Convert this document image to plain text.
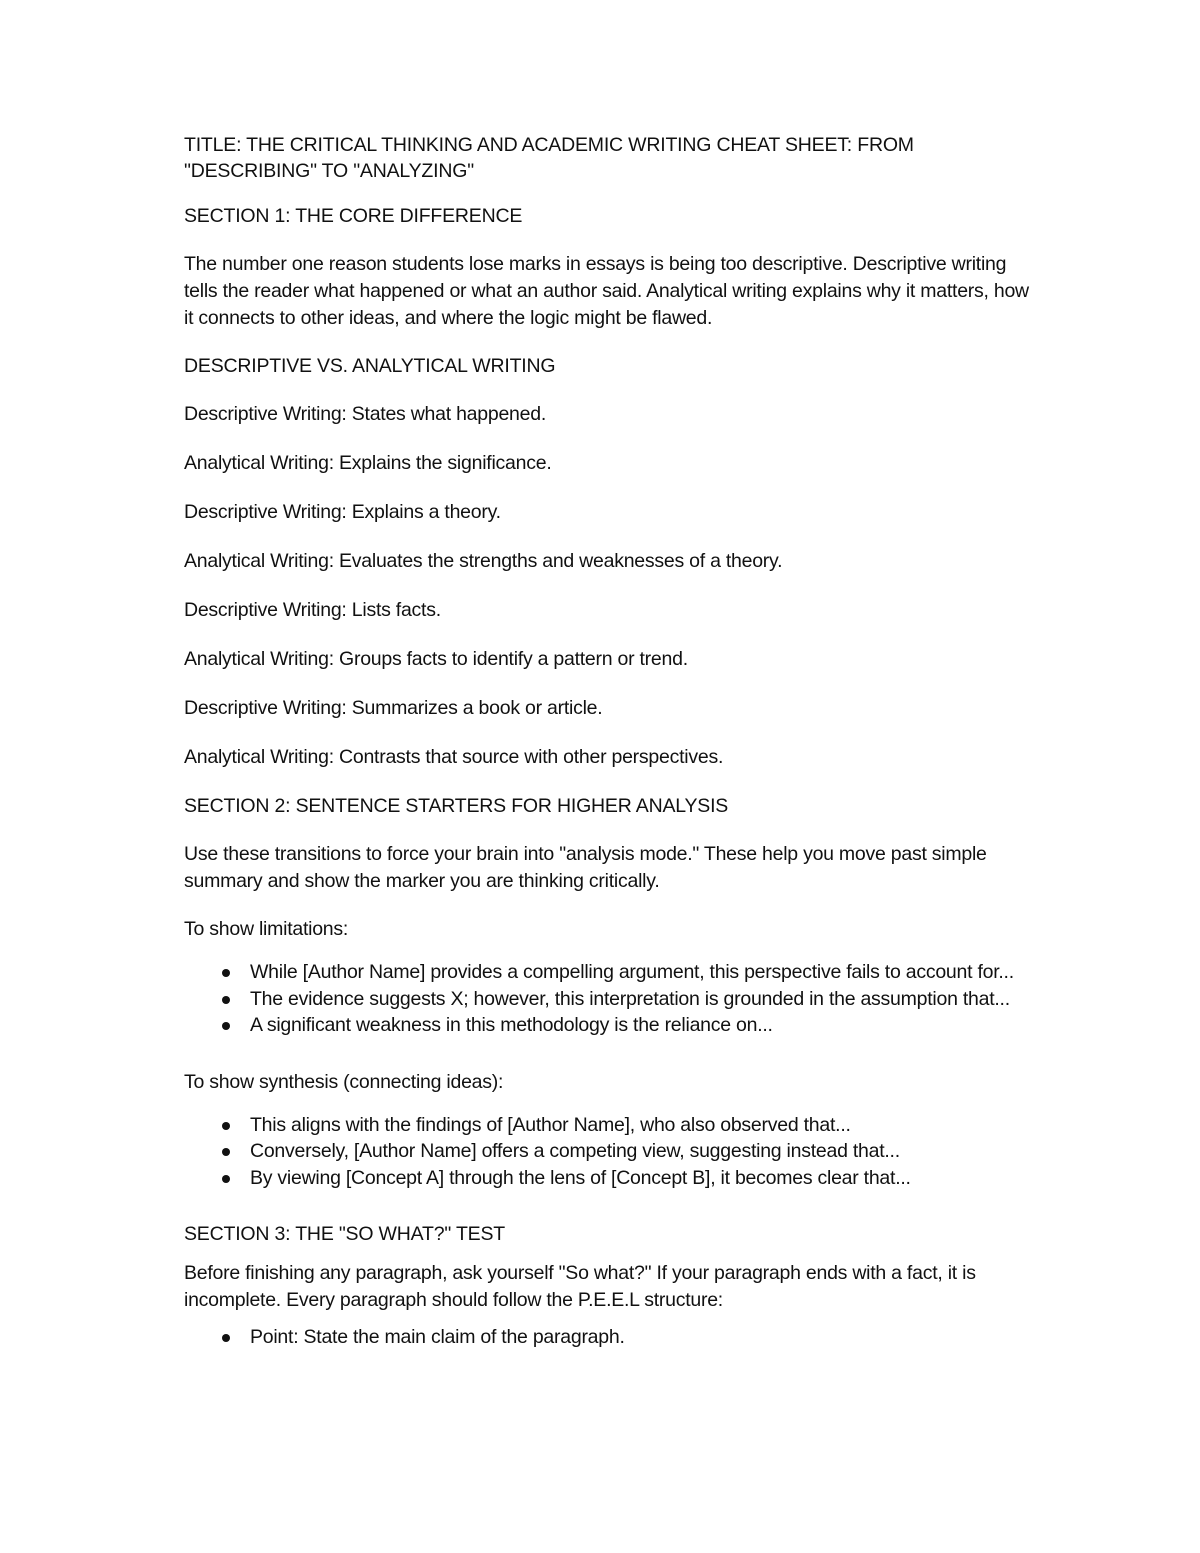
TITLE: THE CRITICAL THINKING AND ACADEMIC WRITING CHEAT SHEET: FROM "DESCRIBING" TO "ANALYZING"

SECTION 1: THE CORE DIFFERENCE

The number one reason students lose marks in essays is being too descriptive. Descriptive writing tells the reader what happened or what an author said. Analytical writing explains why it matters, how it connects to other ideas, and where the logic might be flawed.

DESCRIPTIVE VS. ANALYTICAL WRITING

Descriptive Writing: States what happened.

Analytical Writing: Explains the significance.

Descriptive Writing: Explains a theory.

Analytical Writing: Evaluates the strengths and weaknesses of a theory.

Descriptive Writing: Lists facts.

Analytical Writing: Groups facts to identify a pattern or trend.

Descriptive Writing: Summarizes a book or article.

Analytical Writing: Contrasts that source with other perspectives.

SECTION 2: SENTENCE STARTERS FOR HIGHER ANALYSIS

Use these transitions to force your brain into "analysis mode." These help you move past simple summary and show the marker you are thinking critically.

To show limitations:

While [Author Name] provides a compelling argument, this perspective fails to account for...
The evidence suggests X; however, this interpretation is grounded in the assumption that...
A significant weakness in this methodology is the reliance on...

To show synthesis (connecting ideas):

This aligns with the findings of [Author Name], who also observed that...
Conversely, [Author Name] offers a competing view, suggesting instead that...
By viewing [Concept A] through the lens of [Concept B], it becomes clear that...

SECTION 3: THE "SO WHAT?" TEST

Before finishing any paragraph, ask yourself "So what?" If your paragraph ends with a fact, it is incomplete. Every paragraph should follow the P.E.E.L structure:

Point: State the main claim of the paragraph.
